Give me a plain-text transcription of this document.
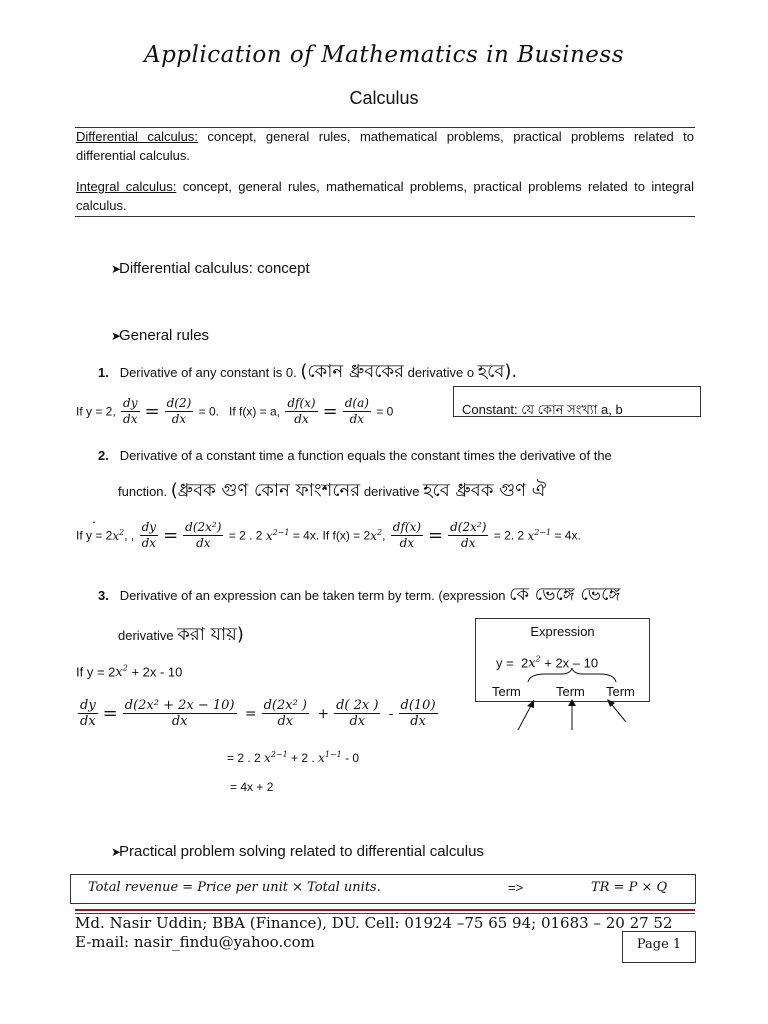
Application of Mathematics in Business
Calculus
Differential calculus: concept, general rules, mathematical problems, practical problems related to differential calculus.
Integral calculus: concept, general rules, mathematical problems, practical problems related to integral calculus.
➤Differential calculus: concept
➤General rules
1. Derivative of any constant is 0. (কোন ধ্রুবকের derivative o হবে).
If y = 2, $\frac{dy}{dx} = \frac{d(2)}{dx} = 0$. If f(x) = a, $\frac{df(x)}{dx} = \frac{d(a)}{dx} = 0$	Constant: যে কোন সংখ্যা a, b
2. Derivative of a constant time a function equals the constant times the derivative of the
function. (ধ্রুবক গুণ কোন ফাংশনের derivative হবে ধ্রুবক গুণ ঐ
.
If $y = 2x^2$, , $\frac{dy}{dx} = \frac{\text{d(2x²)}}{dx} = 2$ . 2 $x^{2-1} = 4x$. If $f(x) = 2x^2$, $\frac{df(x)}{dx} = \frac{\text{d(2x²)}}{dx} = 2$. 2 $x^{2-1} = 4x$.
3. Derivative of an expression can be taken term by term. (expression কে ভেঙ্গে ভেঙ্গে
derivative করা যায়)
If $y = 2x^2 + 2x - 10$
$\frac{dy}{dx} = \frac{\text{d(2x² + 2x − 10)}}{dx} = \frac{\text{d(2x² )}}{dx} + \frac{d( 2x )}{dx} - \frac{d(10)}{dx}$
= 2 . 2 $x^{2-1} + 2$ . $x^{1-1} - 0$
= 4x + 2
Expression
$y = 2x^2 + 2x - 10$
Term	Term Term
➤Practical problem solving related to differential calculus
Total revenue = Price per unit × Total units.	=>	TR = P × Q
Md. Nasir Uddin; BBA (Finance), DU. Cell: 01924 –75 65 94; 01683 – 20 27 52
E-mail: nasir_findu@yahoo.com	Page 1
